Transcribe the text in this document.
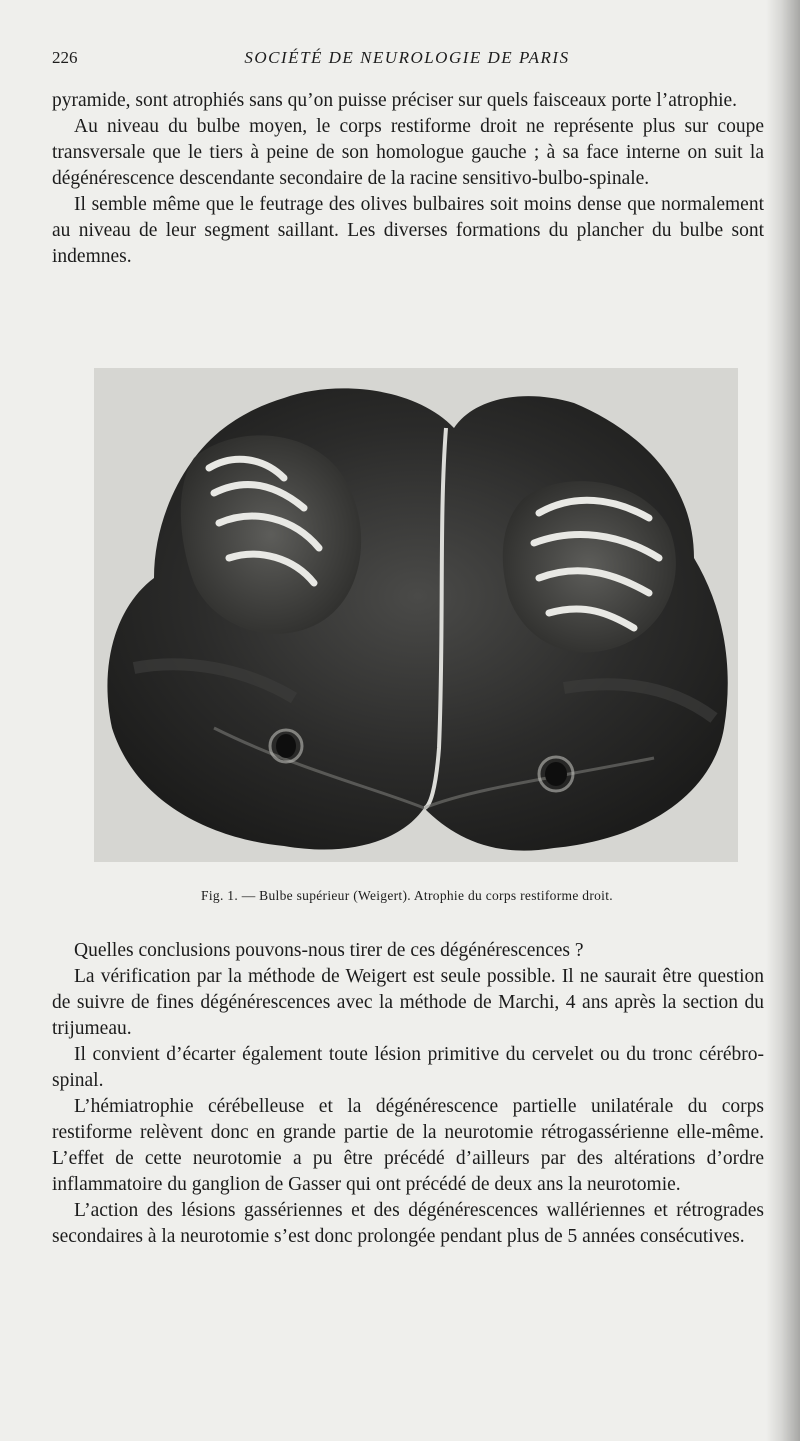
226	SOCIÉTÉ DE NEUROLOGIE DE PARIS

pyramide, sont atrophiés sans qu’on puisse préciser sur quels faisceaux porte l’atrophie.

Au niveau du bulbe moyen, le corps restiforme droit ne représente plus sur coupe transversale que le tiers à peine de son homologue gauche ; à sa face interne on suit la dégénérescence descendante secondaire de la racine sensitivo-bulbo-spinale.

Il semble même que le feutrage des olives bulbaires soit moins dense que normalement au niveau de leur segment saillant. Les diverses formations du plancher du bulbe sont indemnes.

Fig. 1. — Bulbe supérieur (Weigert). Atrophie du corps restiforme droit.

Quelles conclusions pouvons-nous tirer de ces dégénérescences ?

La vérification par la méthode de Weigert est seule possible. Il ne saurait être question de suivre de fines dégénérescences avec la méthode de Marchi, 4 ans après la section du trijumeau.

Il convient d’écarter également toute lésion primitive du cervelet ou du tronc cérébro-spinal.

L’hémiatrophie cérébelleuse et la dégénérescence partielle unilatérale du corps restiforme relèvent donc en grande partie de la neurotomie rétrogassérienne elle-même. L’effet de cette neurotomie a pu être précédé d’ailleurs par des altérations d’ordre inflammatoire du ganglion de Gasser qui ont précédé de deux ans la neurotomie.

L’action des lésions gassériennes et des dégénérescences wallériennes et rétrogrades secondaires à la neurotomie s’est donc prolongée pendant plus de 5 années consécutives.
